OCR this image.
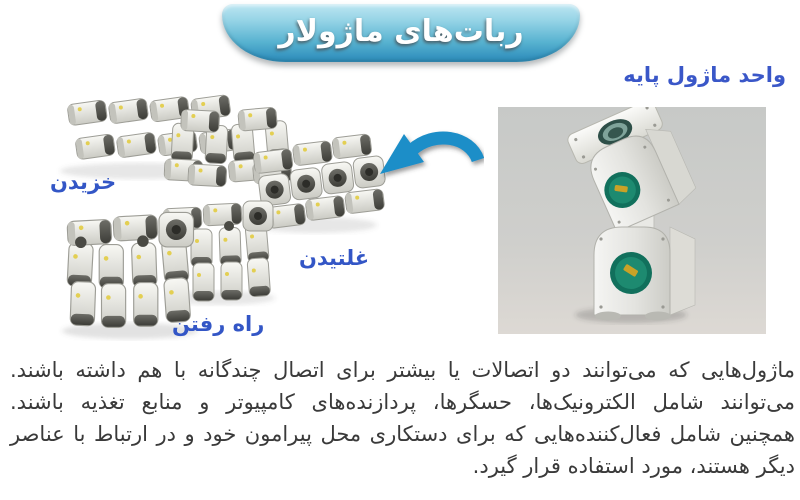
ربات‌های ماژولار
واحد ماژول پایه
خزیدن
غلتیدن
راه رفتن
ماژول‌هایی که می‌توانند دو اتصالات یا بیشتر برای اتصال چندگانه با هم داشته باشند.
می‌توانند شامل الکترونیک‌ها، حسگرها، پردازنده‌های کامپیوتر و منابع تغذیه باشند.
همچنین شامل فعال‌کننده‌هایی که برای دستکاری محل پیرامون خود و در ارتباط با عناصر
دیگر هستند، مورد استفاده قرار گیرد.
